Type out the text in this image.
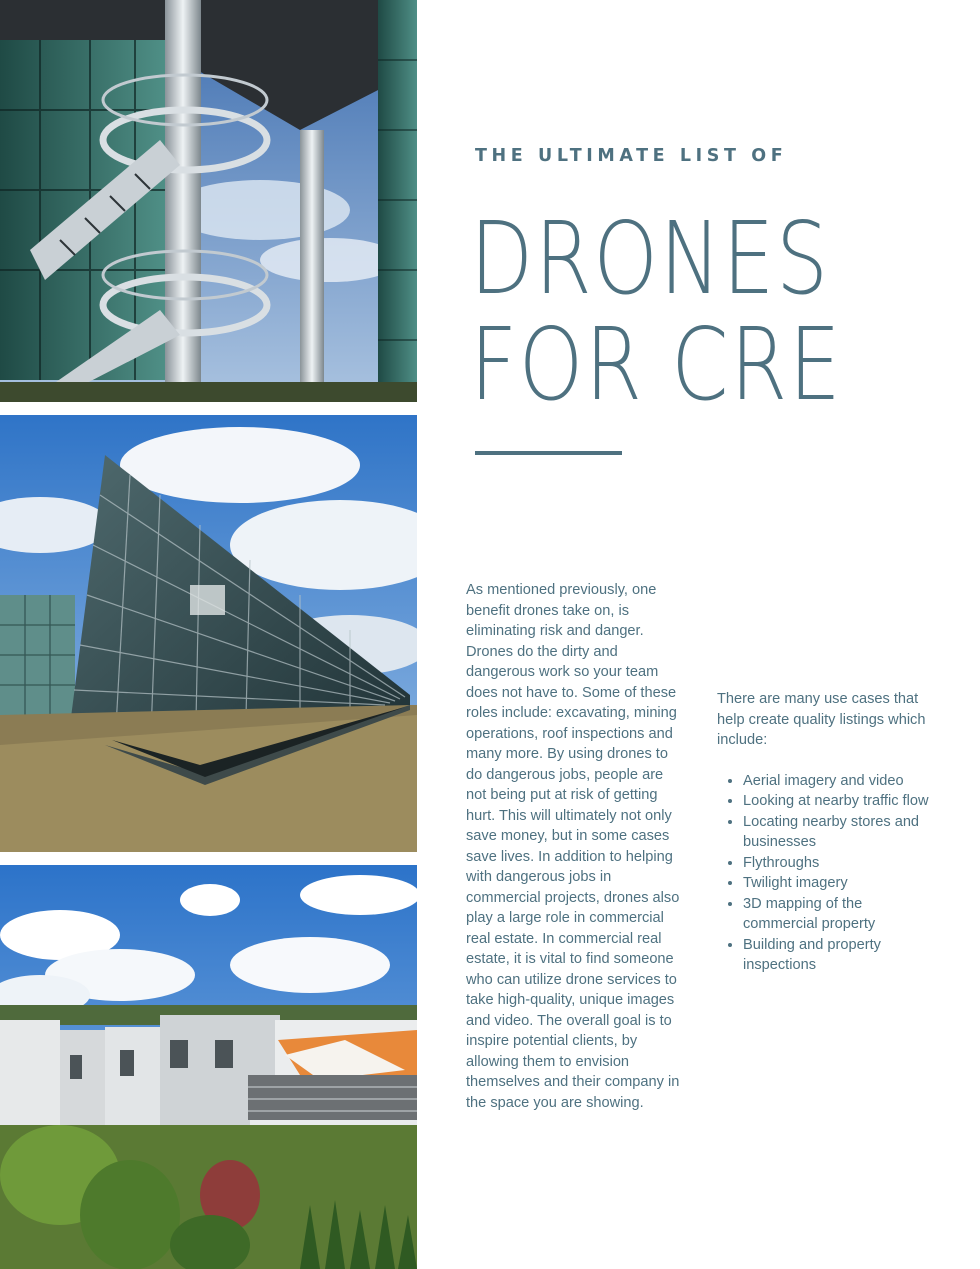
THE ULTIMATE LIST OF
DRONES
FOR CRE
As mentioned previously, one benefit drones take on, is eliminating risk and danger. Drones do the dirty and dangerous work so your team does not have to. Some of these roles include: excavating, mining operations, roof inspections and many more. By using drones to do dangerous jobs, people are not being put at risk of getting hurt. This will ultimately not only save money, but in some cases save lives. In addition to helping with dangerous jobs in commercial projects, drones also play a large role in commercial real estate. In commercial real estate, it is vital to find someone who can utilize drone services to take high-quality, unique images and video. The overall goal is to inspire potential clients, by allowing them to envision themselves and their company in the space you are showing.

There are many use cases that help create quality listings which include:

• Aerial imagery and video
• Looking at nearby traffic flow
• Locating nearby stores and businesses
• Flythroughs
• Twilight imagery
• 3D mapping of the commercial property
• Building and property inspections
